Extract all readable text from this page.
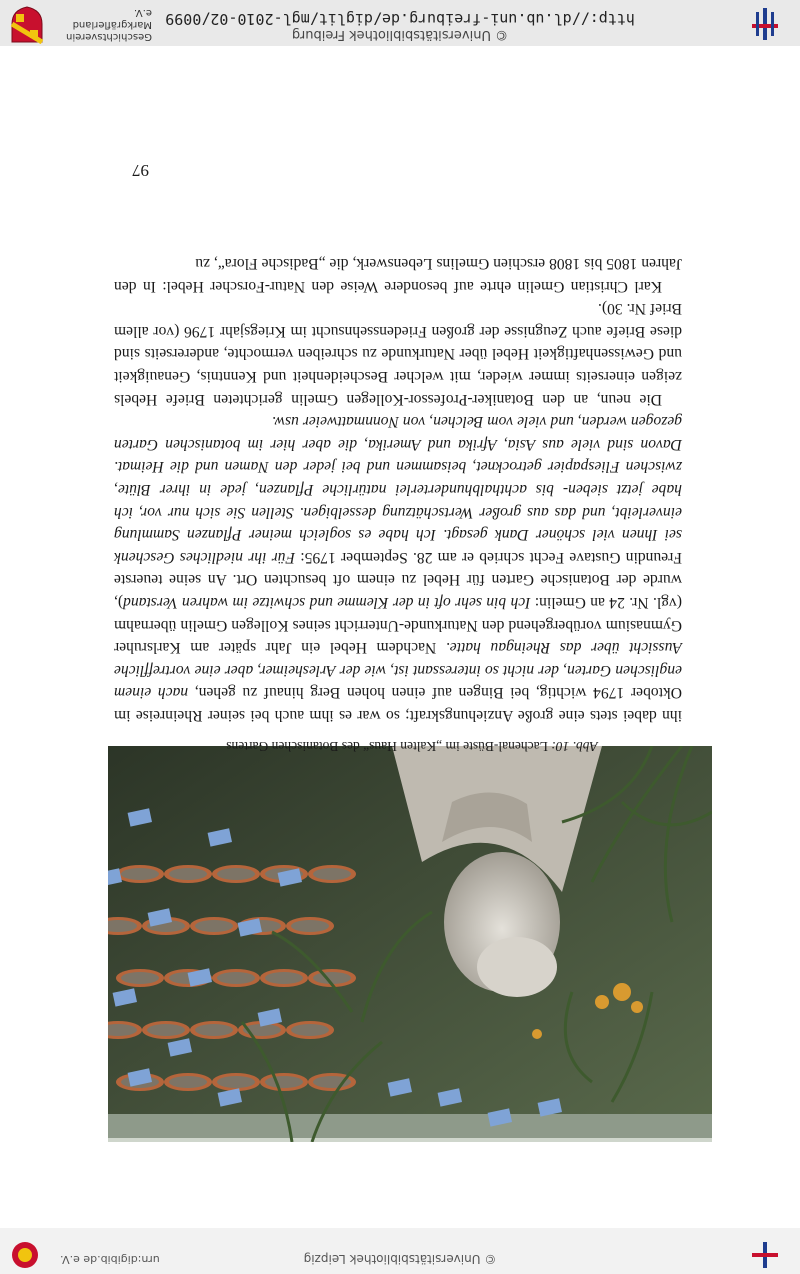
© Universitätsbibliothek Freiburg
http://dl.ub.uni-freiburg.de/diglit/mgl-2010-02/0099
Geschichtsverein
Markgräflerland e.V.
© Universitätsbibliothek Leipzig
urn:digibib.de e.V.
Abb. 10: Lachenal-Büste im „Kalten Haus“ des Botanischen Gartens

ihn dabei stets eine große Anziehungskraft; so war es ihm auch bei seiner Rheinreise im Oktober 1794 wichtig, bei Bingen auf einen hohen Berg hinauf zu gehen, nach einem englischen Garten, der nicht so interessant ist, wie der Arlesheimer, aber eine vortreffliche Aussicht über das Rheingau hatte. Nachdem Hebel ein Jahr später am Karlsruher Gymnasium vorübergehend den Naturkunde-Unterricht seines Kollegen Gmelin übernahm (vgl. Nr. 24 an Gmelin: Ich bin sehr oft in der Klemme und schwitze im wahren Verstand), wurde der Botanische Garten für Hebel zu einem oft besuchten Ort. An seine teuerste Freundin Gustave Fecht schrieb er am 28. September 1795: Für ihr niedliches Geschenk sei Ihnen viel schöner Dank gesagt. Ich habe es sogleich meiner Pflanzen Sammlung einverleibt, und das aus großer Wertschätzung desselbigen. Stellen Sie sich nur vor, ich habe jetzt sieben- bis achthalbhunderterlei natürliche Pflanzen, jede in ihrer Blüte, zwischen Fliespapier getrocknet, beisammen und bei jeder den Namen und die Heimat. Davon sind viele aus Asia, Afrika und Amerika, die aber hier im botanischen Garten gezogen werden, und viele vom Belchen, von Nonnmattweier usw.

Die neun, an den Botaniker-Professor-Kollegen Gmelin gerichteten Briefe Hebels zeigen einerseits immer wieder, mit welcher Bescheidenheit und Kenntnis, Genauigkeit und Gewissenhaftigkeit Hebel über Naturkunde zu schreiben vermochte, andererseits sind diese Briefe auch Zeugnisse der großen Friedenssehnsucht im Kriegsjahr 1796 (vor allem Brief Nr. 30).

Karl Christian Gmelin ehrte auf besondere Weise den Natur-Forscher Hebel: In den Jahren 1805 bis 1808 erschien Gmelins Lebenswerk, die „Badische Flora“, zu

97
